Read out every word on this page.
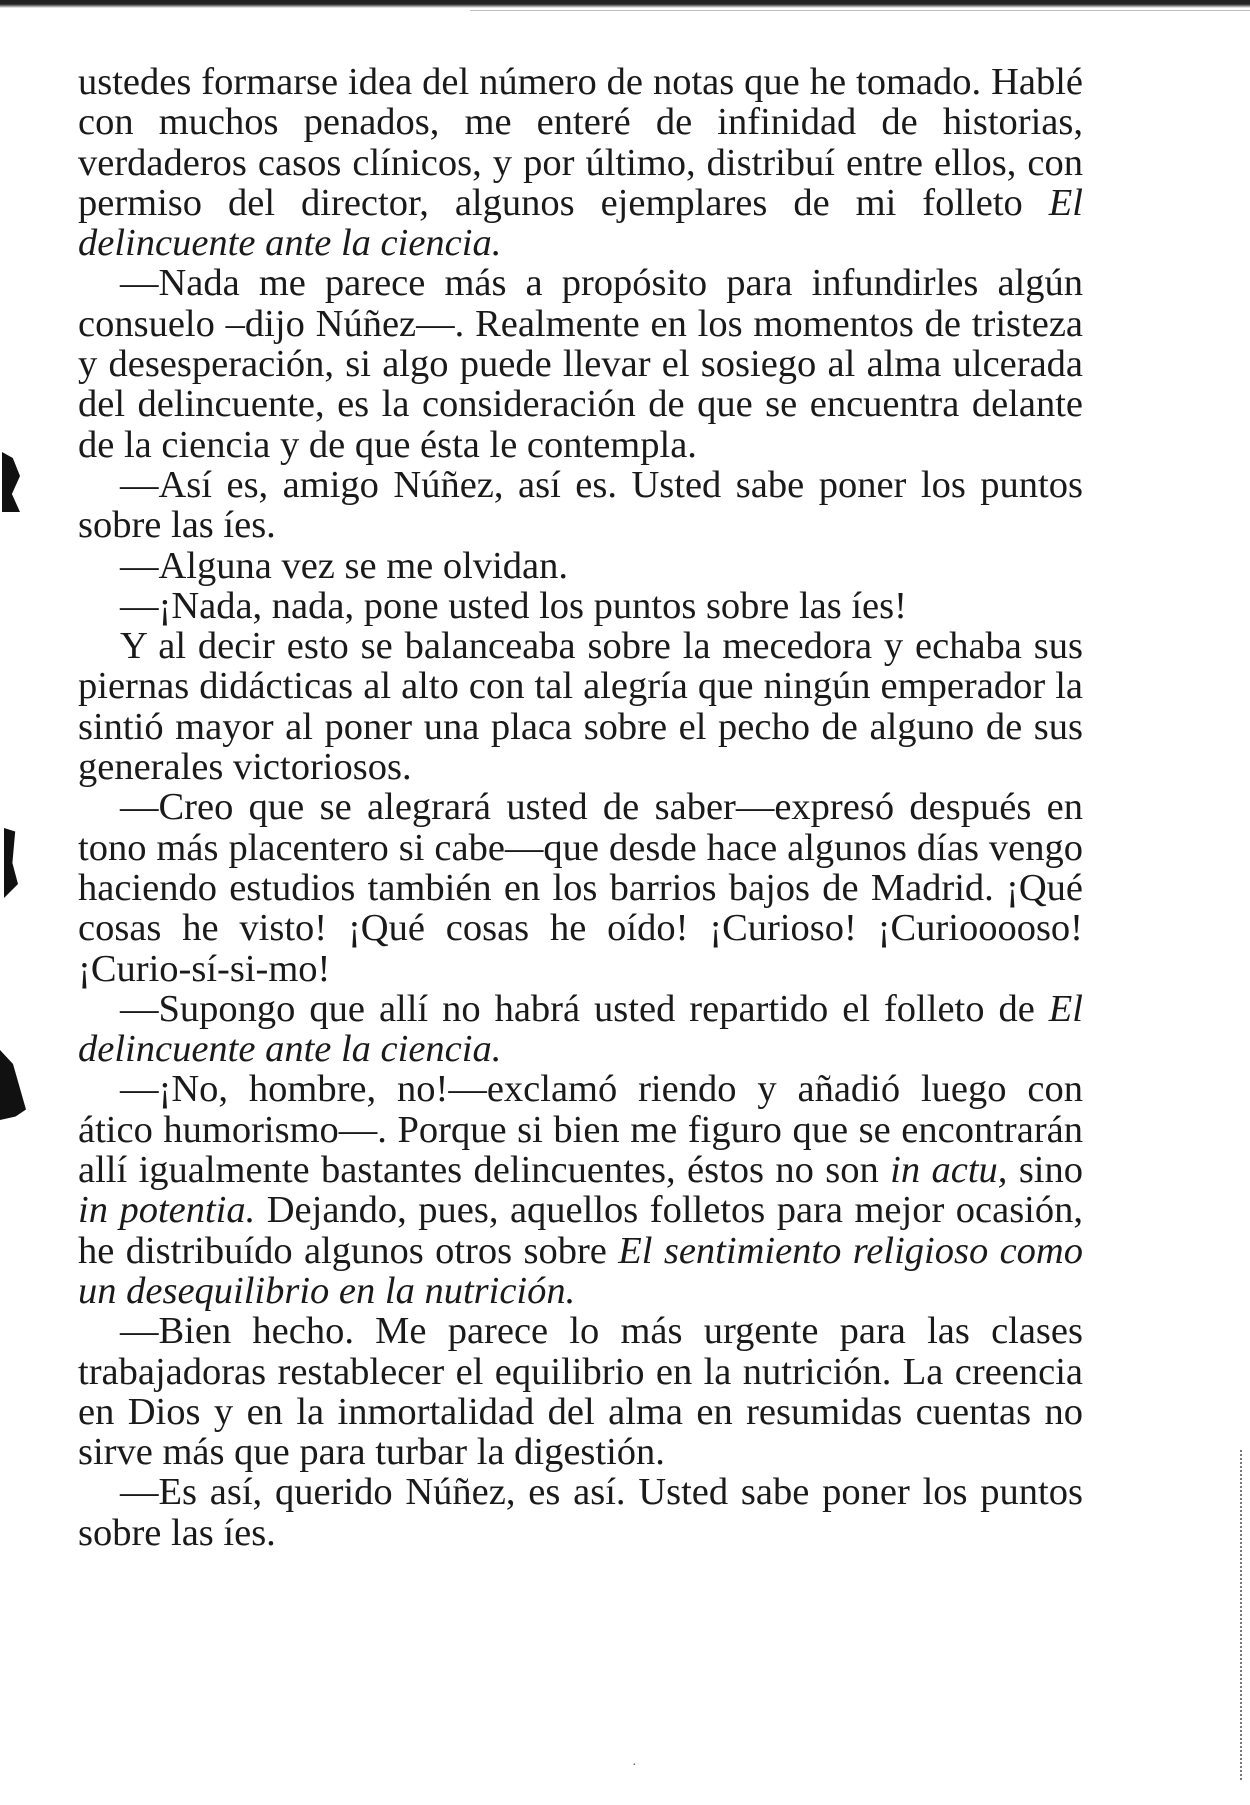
ustedes formarse idea del número de notas que he tomado. Hablé con muchos penados, me enteré de infinidad de historias, verdaderos casos clínicos, y por último, distribuí entre ellos, con permiso del director, algunos ejemplares de mi folleto El delincuente ante la ciencia.

—Nada me parece más a propósito para infundirles algún consuelo –dijo Núñez—. Realmente en los momentos de tristeza y desesperación, si algo puede llevar el sosiego al alma ulcerada del delincuente, es la consideración de que se encuentra delante de la ciencia y de que ésta le contempla.

—Así es, amigo Núñez, así es. Usted sabe poner los puntos sobre las íes.

—Alguna vez se me olvidan.

—¡Nada, nada, pone usted los puntos sobre las íes!

Y al decir esto se balanceaba sobre la mecedora y echaba sus piernas didácticas al alto con tal alegría que ningún emperador la sintió mayor al poner una placa sobre el pecho de alguno de sus generales victoriosos.

—Creo que se alegrará usted de saber—expresó después en tono más placentero si cabe—que desde hace algunos días vengo haciendo estudios también en los barrios bajos de Madrid. ¡Qué cosas he visto! ¡Qué cosas he oído! ¡Curioso! ¡Curiooooso! ¡Curio-sí-si-mo!

—Supongo que allí no habrá usted repartido el folleto de El delincuente ante la ciencia.

—¡No, hombre, no!—exclamó riendo y añadió luego con ático humorismo—. Porque si bien me figuro que se encontrarán allí igualmente bastantes delincuentes, éstos no son in actu, sino in potentia. Dejando, pues, aquellos folletos para mejor ocasión, he distribuído algunos otros sobre El sentimiento religioso como un desequilibrio en la nutrición.

—Bien hecho. Me parece lo más urgente para las clases trabajadoras restablecer el equilibrio en la nutrición. La creencia en Dios y en la inmortalidad del alma en resumidas cuentas no sirve más que para turbar la digestión.

—Es así, querido Núñez, es así. Usted sabe poner los puntos sobre las íes.

·
